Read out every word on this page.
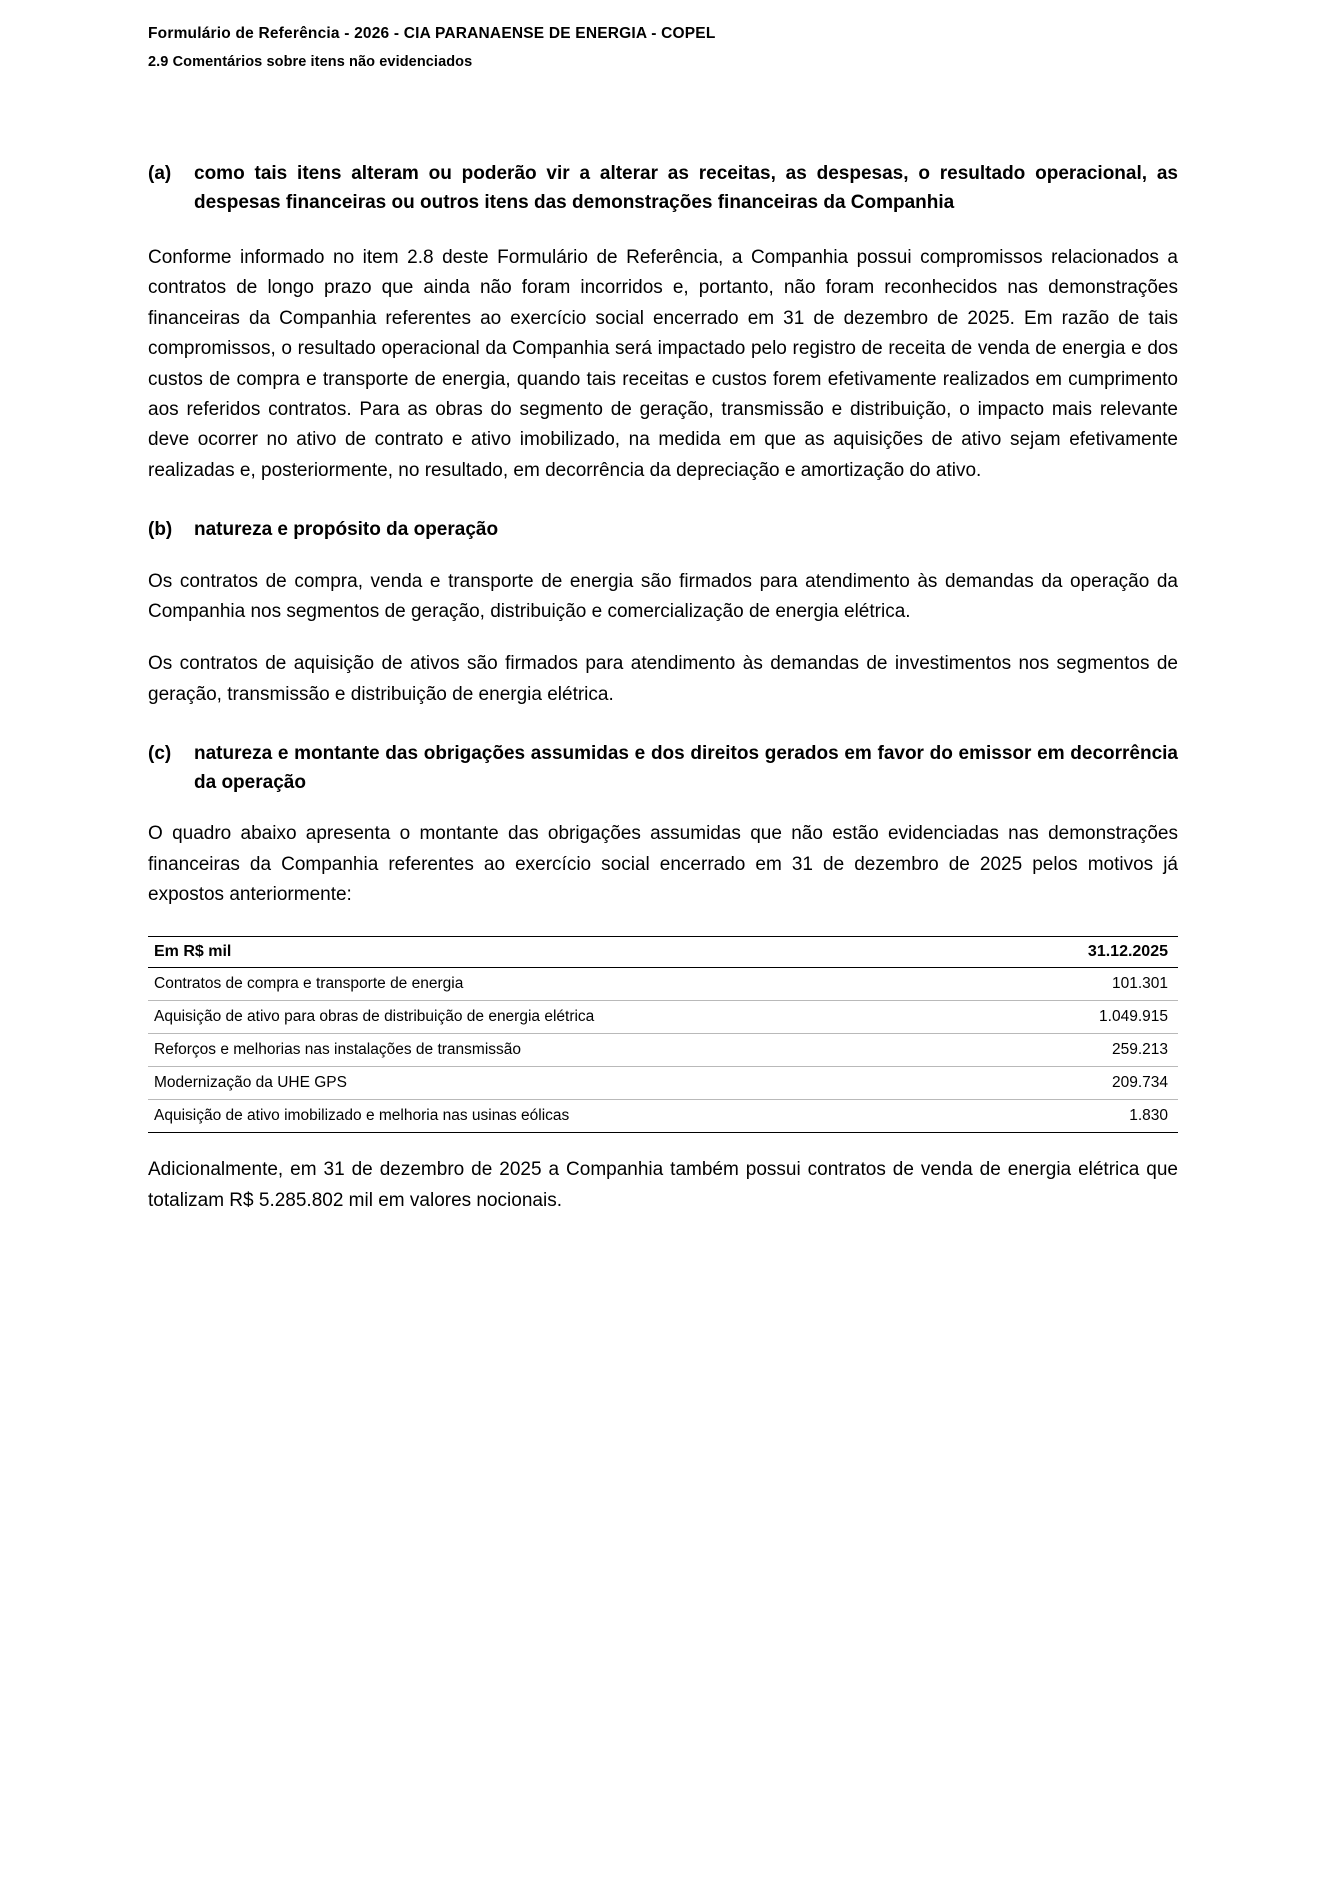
Formulário de Referência - 2026 - CIA PARANAENSE DE ENERGIA - COPEL
2.9 Comentários sobre itens não evidenciados
(a)	como tais itens alteram ou poderão vir a alterar as receitas, as despesas, o resultado operacional, as despesas financeiras ou outros itens das demonstrações financeiras da Companhia

Conforme informado no item 2.8 deste Formulário de Referência, a Companhia possui compromissos relacionados a contratos de longo prazo que ainda não foram incorridos e, portanto, não foram reconhecidos nas demonstrações financeiras da Companhia referentes ao exercício social encerrado em 31 de dezembro de 2025. Em razão de tais compromissos, o resultado operacional da Companhia será impactado pelo registro de receita de venda de energia e dos custos de compra e transporte de energia, quando tais receitas e custos forem efetivamente realizados em cumprimento aos referidos contratos. Para as obras do segmento de geração, transmissão e distribuição, o impacto mais relevante deve ocorrer no ativo de contrato e ativo imobilizado, na medida em que as aquisições de ativo sejam efetivamente realizadas e, posteriormente, no resultado, em decorrência da depreciação e amortização do ativo.

(b)	natureza e propósito da operação

Os contratos de compra, venda e transporte de energia são firmados para atendimento às demandas da operação da Companhia nos segmentos de geração, distribuição e comercialização de energia elétrica.

Os contratos de aquisição de ativos são firmados para atendimento às demandas de investimentos nos segmentos de geração, transmissão e distribuição de energia elétrica.

(c)	natureza e montante das obrigações assumidas e dos direitos gerados em favor do emissor em decorrência da operação

O quadro abaixo apresenta o montante das obrigações assumidas que não estão evidenciadas nas demonstrações financeiras da Companhia referentes ao exercício social encerrado em 31 de dezembro de 2025 pelos motivos já expostos anteriormente:

Em R$ mil	31.12.2025
Contratos de compra e transporte de energia	101.301
Aquisição de ativo para obras de distribuição de energia elétrica	1.049.915
Reforços e melhorias nas instalações de transmissão	259.213
Modernização da UHE GPS	209.734
Aquisição de ativo imobilizado e melhoria nas usinas eólicas	1.830

Adicionalmente, em 31 de dezembro de 2025 a Companhia também possui contratos de venda de energia elétrica que totalizam R$ 5.285.802 mil em valores nocionais.
